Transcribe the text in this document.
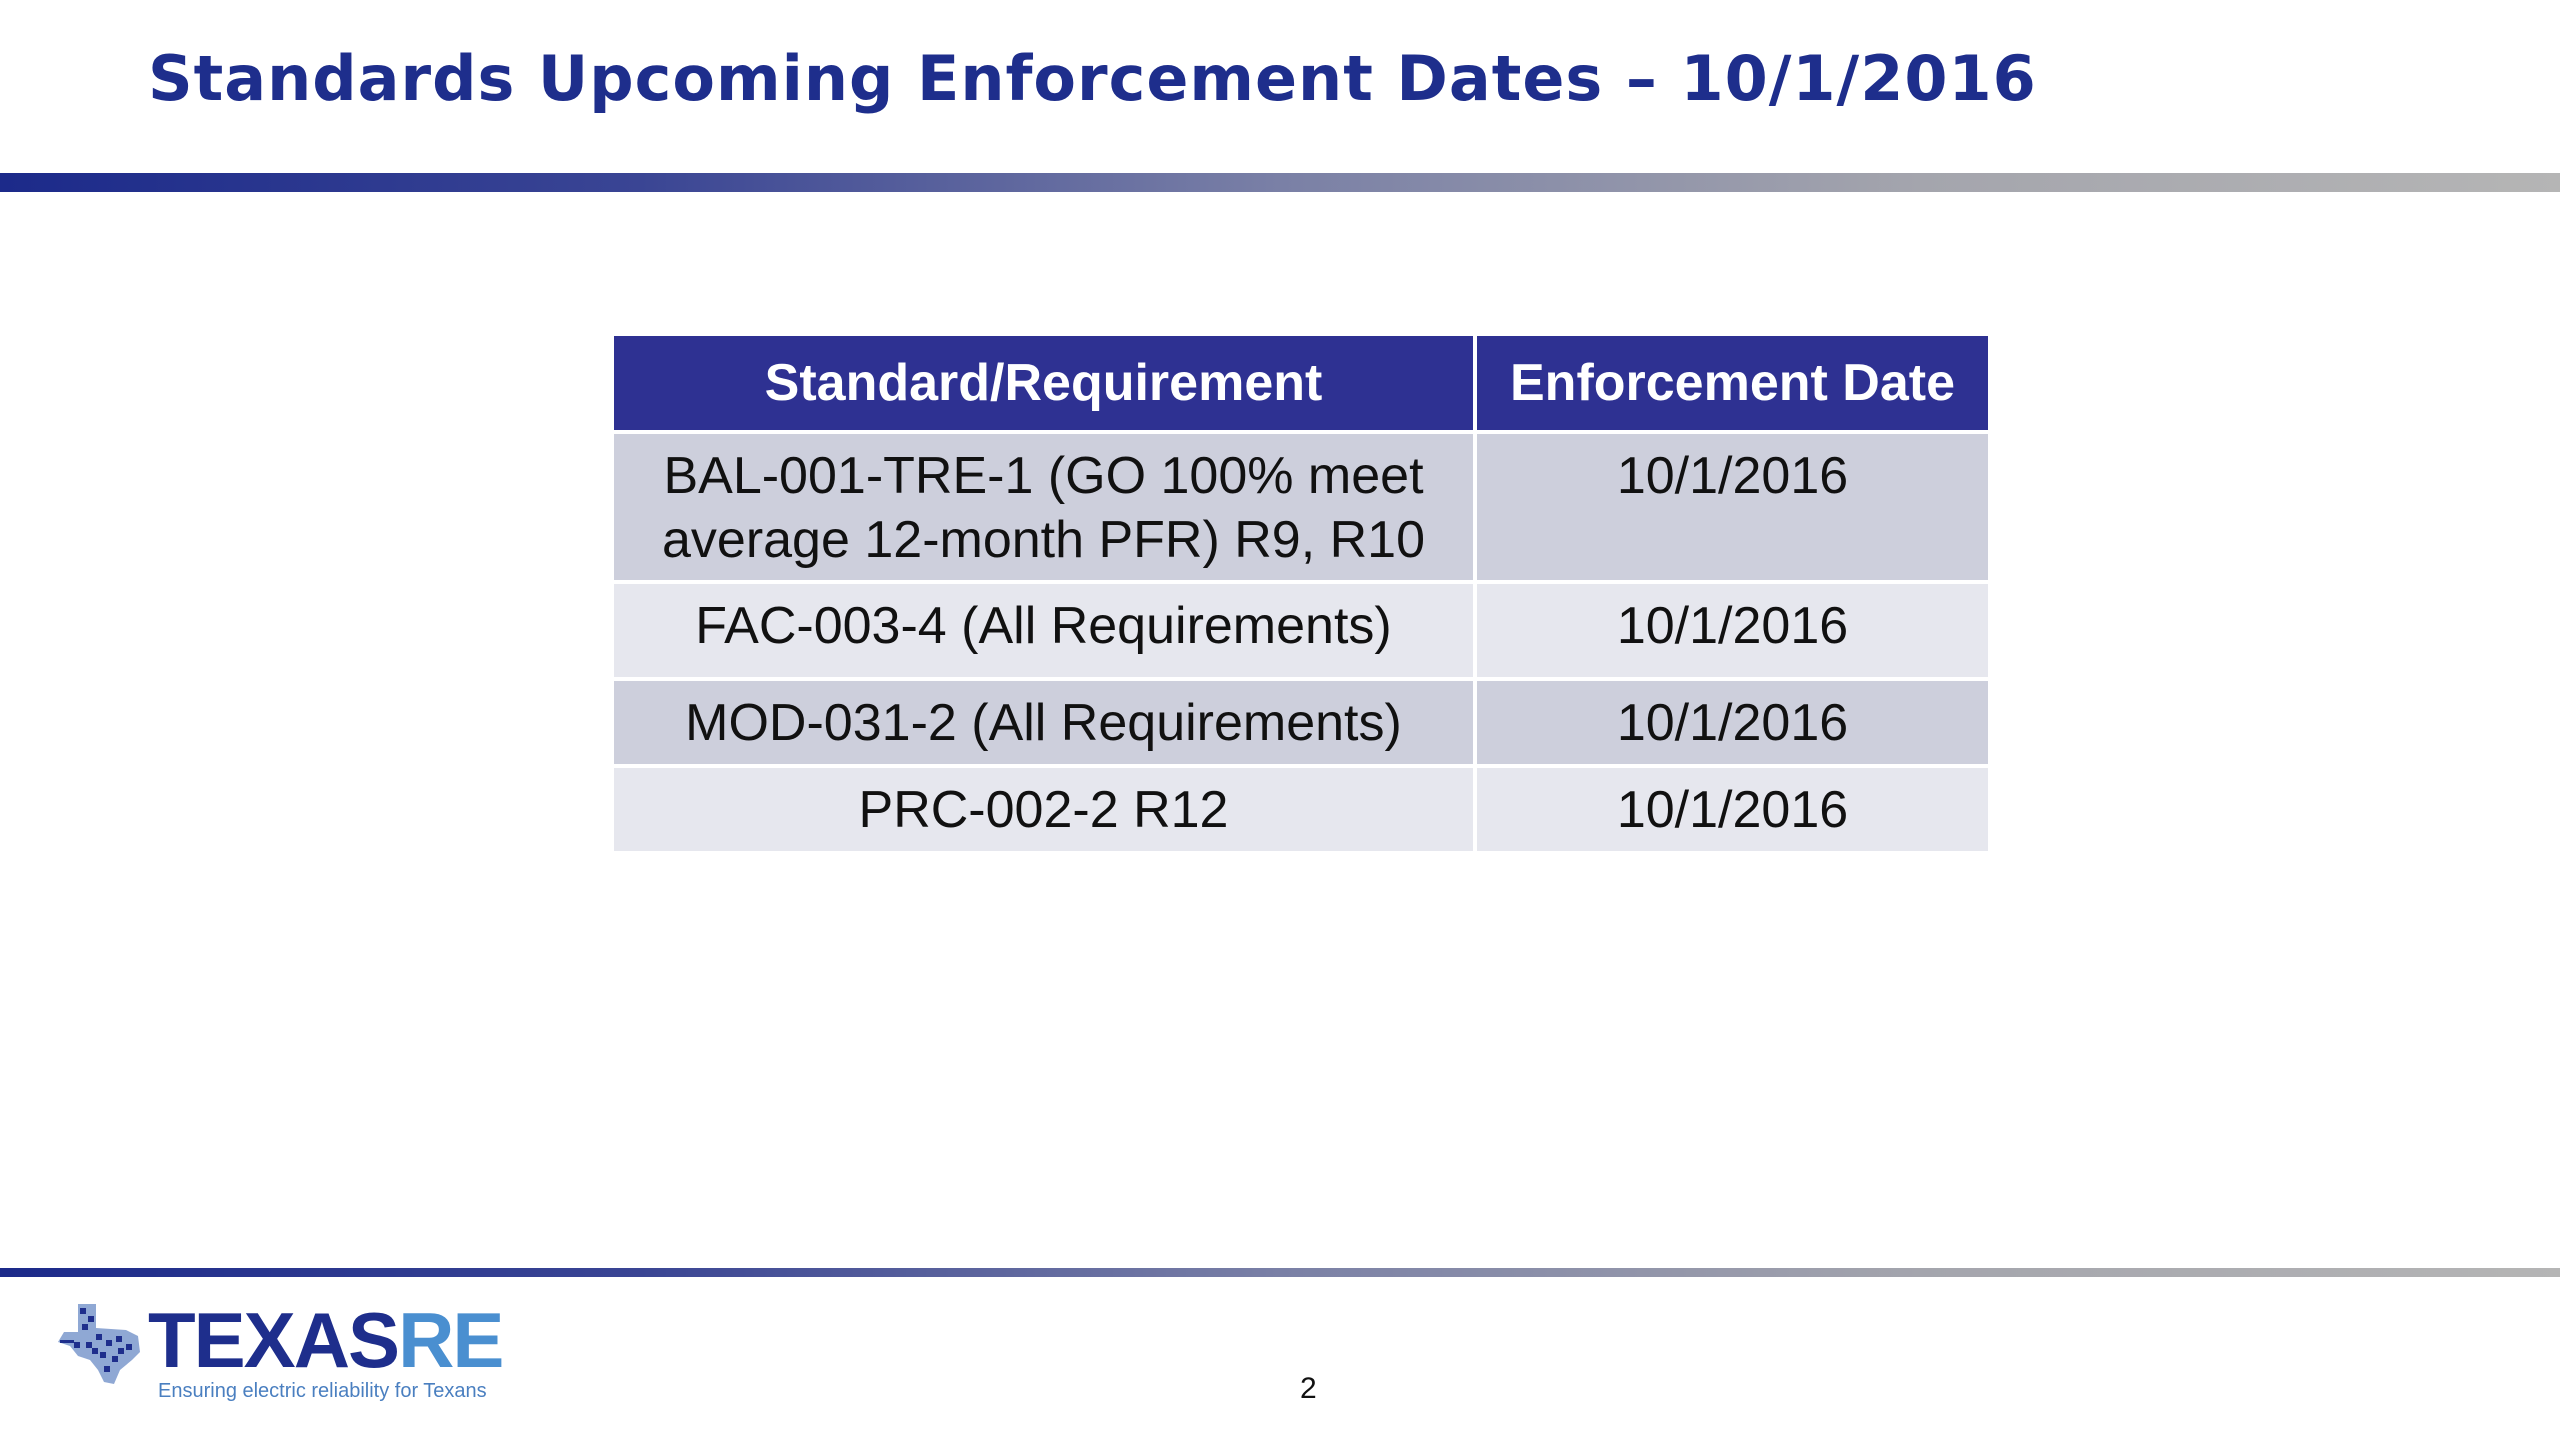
Standards Upcoming Enforcement Dates – 10/1/2016
Standard/Requirement	Enforcement Date
BAL-001-TRE-1 (GO 100% meet average 12-month PFR) R9, R10	10/1/2016
FAC-003-4 (All Requirements)	10/1/2016
MOD-031-2 (All Requirements)	10/1/2016
PRC-002-2 R12	10/1/2016
TEXASRE
Ensuring electric reliability for Texans	2
